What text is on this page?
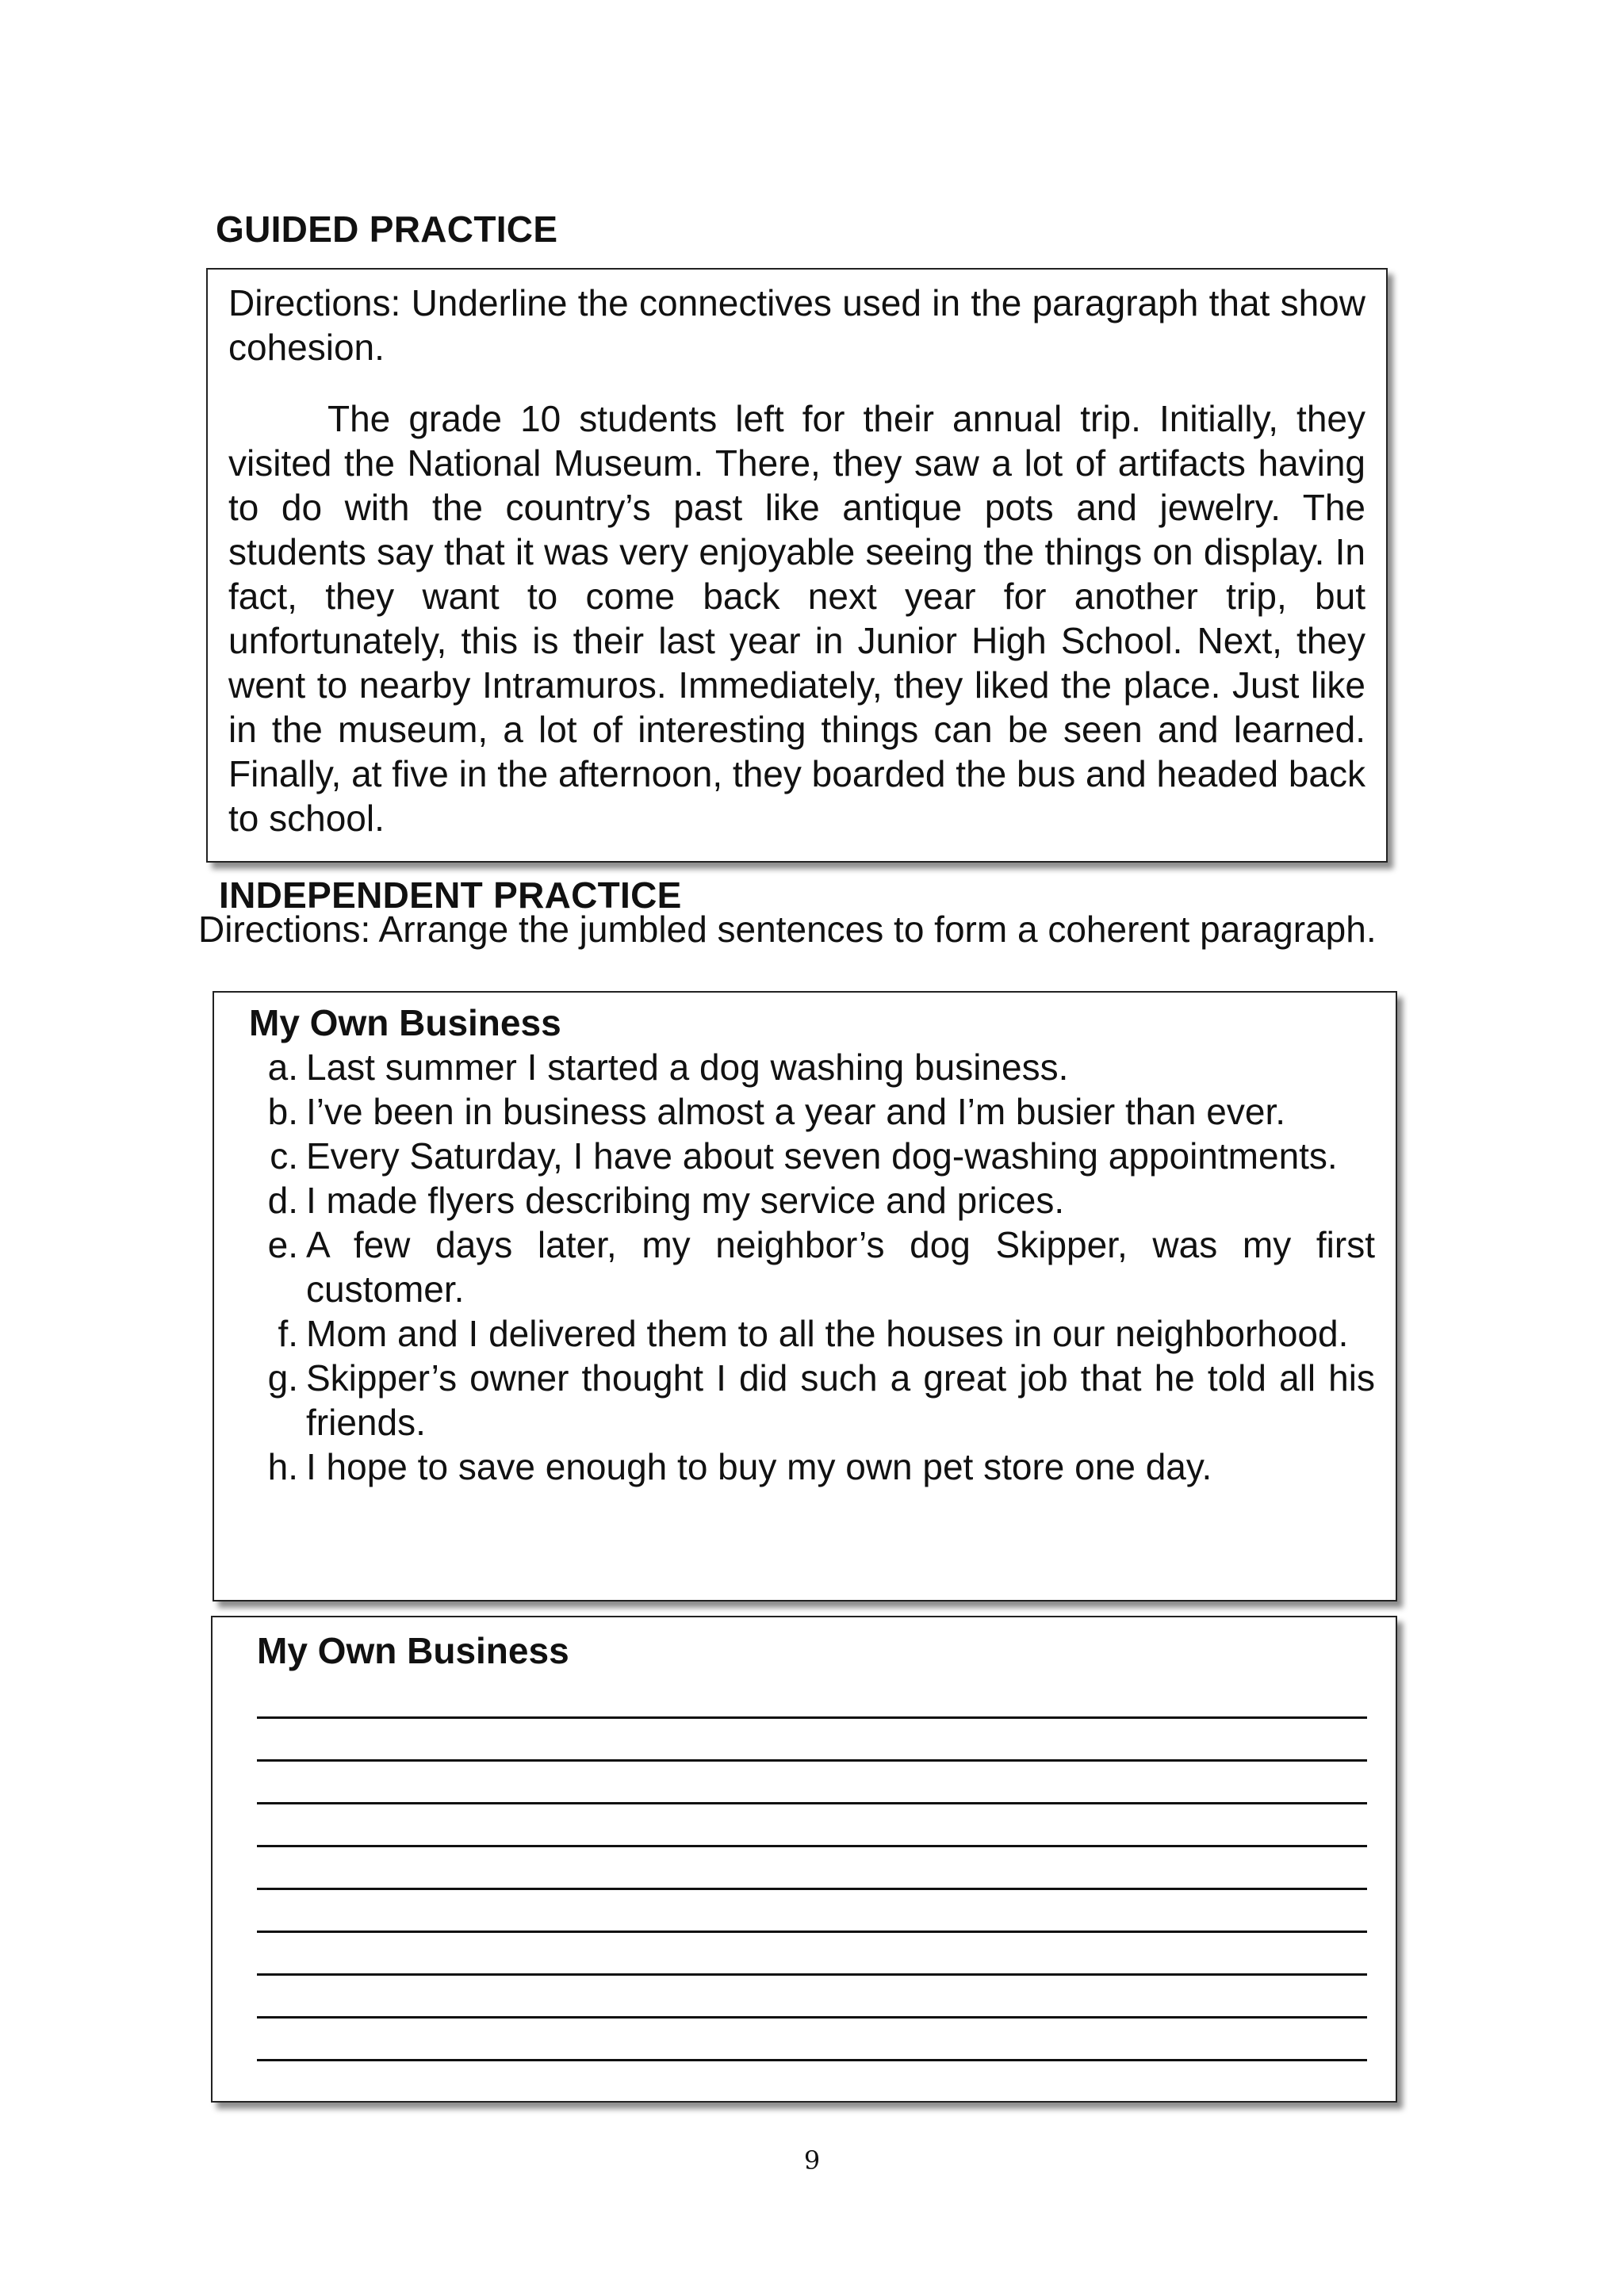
GUIDED PRACTICE

Directions: Underline the connectives used in the paragraph that show cohesion.

The grade 10 students left for their annual trip. Initially, they visited the National Museum. There, they saw a lot of artifacts having to do with the country’s past like antique pots and jewelry. The students say that it was very enjoyable seeing the things on display. In fact, they want to come back next year for another trip, but unfortunately, this is their last year in Junior High School. Next, they went to nearby Intramuros. Immediately, they liked the place. Just like in the museum, a lot of interesting things can be seen and learned. Finally, at five in the afternoon, they boarded the bus and headed back to school.

INDEPENDENT PRACTICE

Directions: Arrange the jumbled sentences to form a coherent paragraph.

My Own Business

a. Last summer I started a dog washing business.
b. I’ve been in business almost a year and I’m busier than ever.
c. Every Saturday, I have about seven dog-washing appointments.
d. I made flyers describing my service and prices.
e. A few days later, my neighbor’s dog Skipper, was my first customer.
f. Mom and I delivered them to all the houses in our neighborhood.
g. Skipper’s owner thought I did such a great job that he told all his friends.
h. I hope to save enough to buy my own pet store one day.

My Own Business

9
